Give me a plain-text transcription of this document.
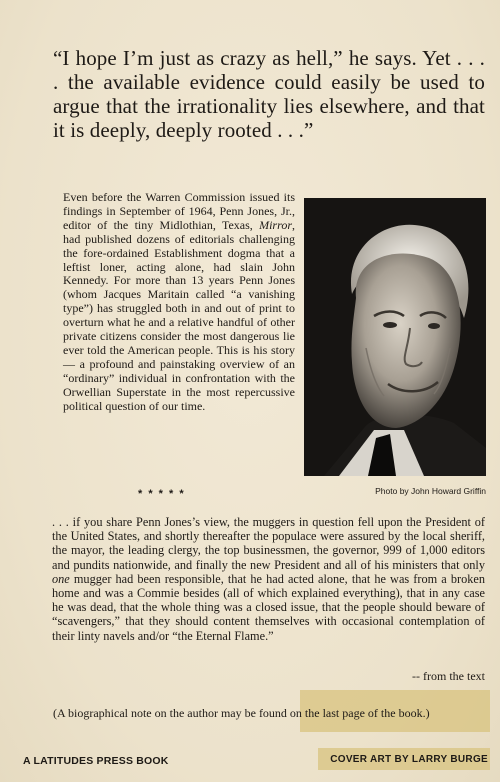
“I hope I’m just as crazy as hell,” he says. Yet . . . . the available evidence could easily be used to argue that the irrationality lies elsewhere, and that it is deeply, deeply rooted . . .”
Even before the Warren Commission issued its findings in September of 1964, Penn Jones, Jr., editor of the tiny Midlothian, Texas, Mirror, had published dozens of editorials challenging the fore-ordained Establishment dogma that a leftist loner, acting alone, had slain John Kennedy. For more than 13 years Penn Jones (whom Jacques Maritain called “a vanishing type”) has struggled both in and out of print to overturn what he and a relative handful of other private citizens consider the most dangerous lie ever told the American people. This is his story — a profound and painstaking overview of an “ordinary” individual in confrontation with the Orwellian Superstate in the most repercussive political question of our time.
Photo by John Howard Griffin
* * * * *
. . . if you share Penn Jones’s view, the muggers in question fell upon the President of the United States, and shortly thereafter the populace were assured by the local sheriff, the mayor, the leading clergy, the top businessmen, the governor, 999 of 1,000 editors and pundits nationwide, and finally the new President and all of his ministers that only one mugger had been responsible, that he had acted alone, that he was from a broken home and was a Commie besides (all of which explained everything), that in any case he was dead, that the whole thing was a closed issue, that the people should beware of “scavengers,” that they should content themselves with occasional contemplation of their linty navels and/or “the Eternal Flame.”
-- from the text
(A biographical note on the author may be found on the last page of the book.)
A LATITUDES PRESS BOOK	COVER ART BY LARRY BURGE
